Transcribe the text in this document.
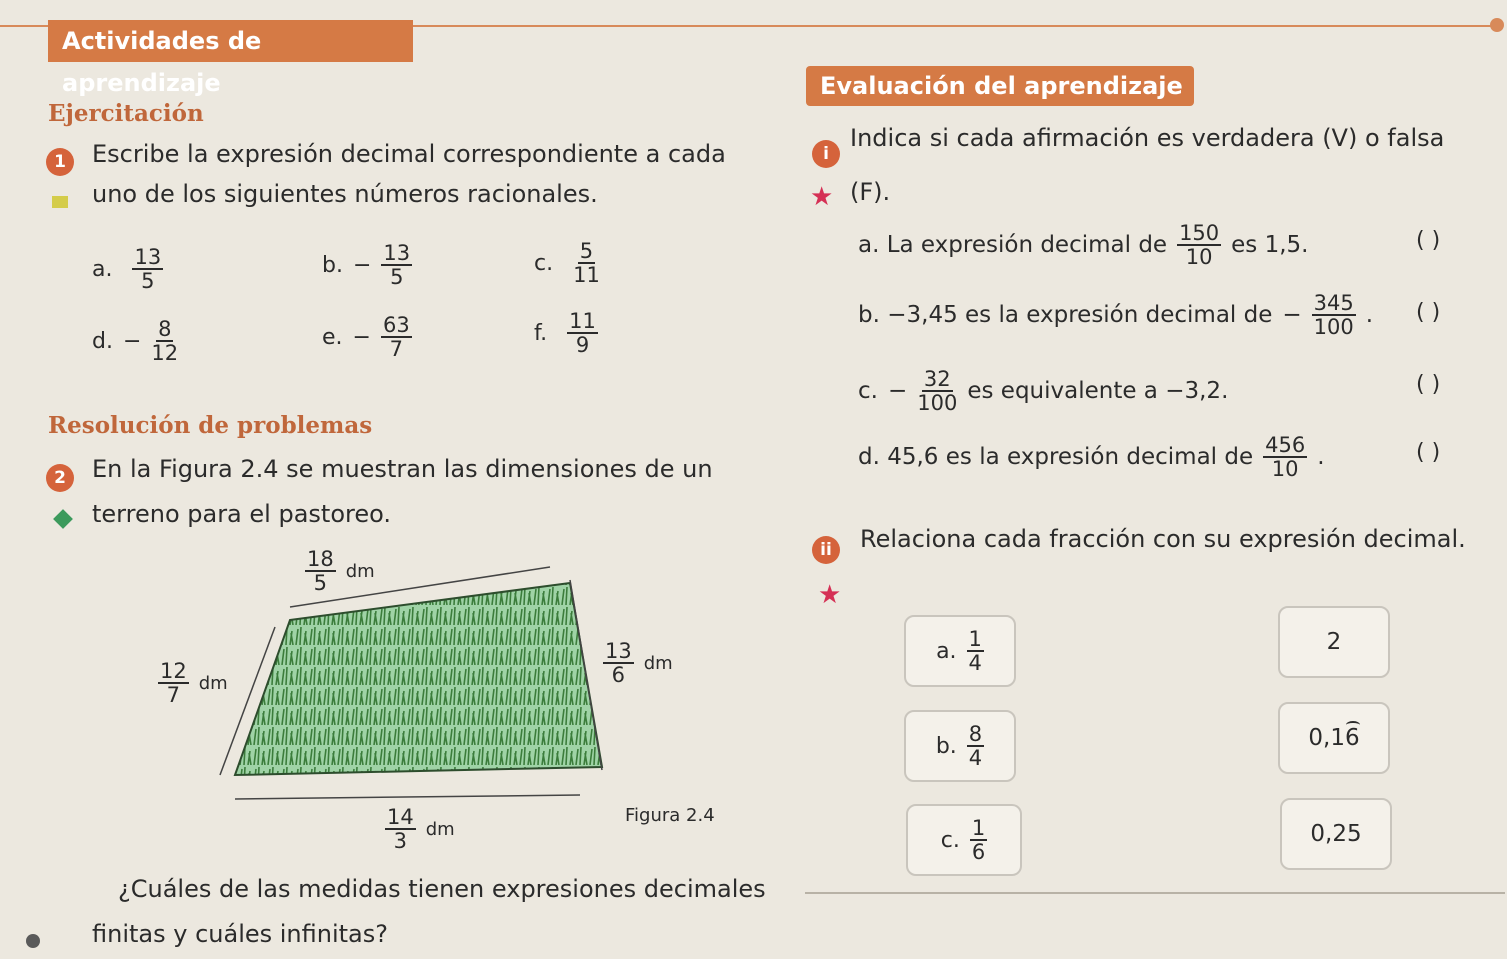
Actividades de aprendizaje
Ejercitación
1	Escribe la expresión decimal correspondiente a cada
uno de los siguientes números racionales.
a. $\frac{13}{5}$	b. − $\frac{13}{5}$	c. $\frac{5}{11}$
d. − $\frac{8}{12}$	e. − $\frac{63}{7}$	f. $\frac{11}{9}$
Resolución de problemas
2	En la Figura 2.4 se muestran las dimensiones de un
terreno para el pastoreo.
$\frac{18}{5}$ dm
$\frac{12}{7}$ dm	$\frac{13}{6}$ dm
$\frac{14}{3}$ dm
Figura 2.4
¿Cuáles de las medidas tienen expresiones decimales
finitas y cuáles infinitas?
Evaluación del aprendizaje
i
Indica si cada afirmación es verdadera (V) o falsa
★ (F).
a. La expresión decimal de $\frac{150}{10}$ es 1,5.	( )
b. −3,45 es la expresión decimal de − $\frac{345}{100}$ . ( )
c. − $\frac{32}{100}$ es equivalente a −3,2.	( )
d. 45,6 es la expresión decimal de $\frac{456}{10}$ .	( )
ii	Relaciona cada fracción con su expresión decimal.
★
a. $\frac{1}{4}$	2
b. $\frac{8}{4}$	0,16
c. $\frac{1}{6}$	0,25
